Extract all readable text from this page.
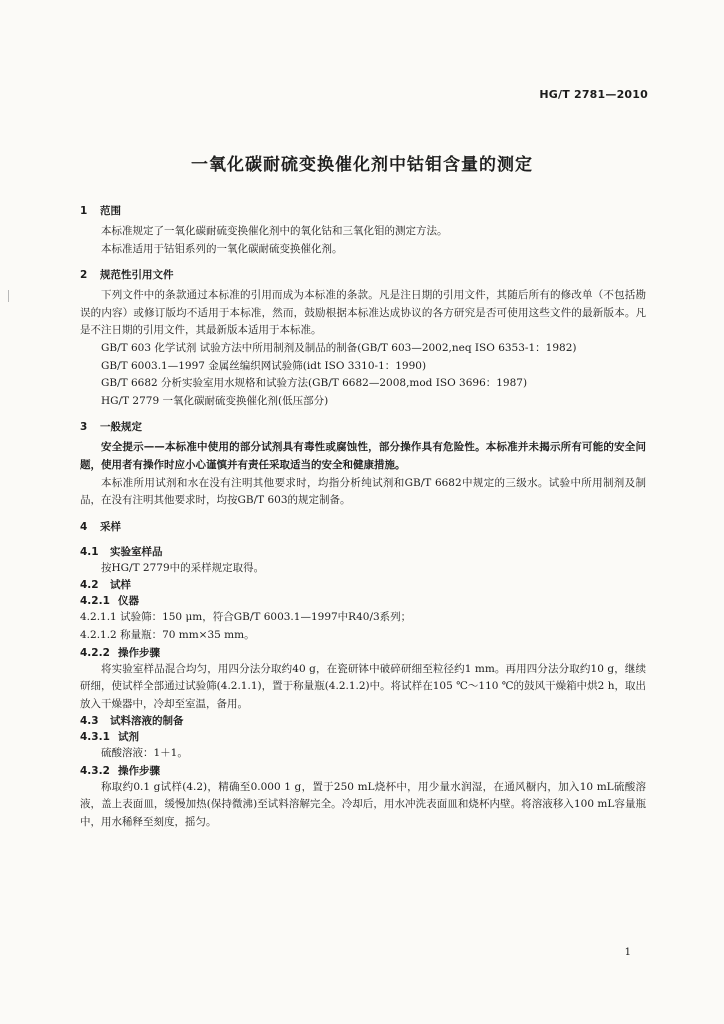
HG/T 2781—2010
一氧化碳耐硫变换催化剂中钴钼含量的测定
1 范围

本标准规定了一氧化碳耐硫变换催化剂中的氧化钴和三氧化钼的测定方法。

本标准适用于钴钼系列的一氧化碳耐硫变换催化剂。

2 规范性引用文件

下列文件中的条款通过本标准的引用而成为本标准的条款。凡是注日期的引用文件，其随后所有的修改单（不包括勘误的内容）或修订版均不适用于本标准，然而，鼓励根据本标准达成协议的各方研究是否可使用这些文件的最新版本。凡是不注日期的引用文件，其最新版本适用于本标准。

GB/T 603 化学试剂 试验方法中所用制剂及制品的制备(GB/T 603—2002,neq ISO 6353-1：1982)

GB/T 6003.1—1997 金属丝编织网试验筛(idt ISO 3310-1：1990)

GB/T 6682 分析实验室用水规格和试验方法(GB/T 6682—2008,mod ISO 3696：1987)

HG/T 2779 一氧化碳耐硫变换催化剂(低压部分)

3 一般规定

安全提示——本标准中使用的部分试剂具有毒性或腐蚀性，部分操作具有危险性。本标准并未揭示所有可能的安全问题，使用者有操作时应小心谨慎并有责任采取适当的安全和健康措施。

本标准所用试剂和水在没有注明其他要求时，均指分析纯试剂和GB/T 6682中规定的三级水。试验中所用制剂及制品，在没有注明其他要求时，均按GB/T 603的规定制备。

4 采样
4.1 实验室样品

按HG/T 2779中的采样规定取得。

4.2 试样
4.2.1 仪器

4.2.1.1 试验筛：150 μm，符合GB/T 6003.1—1997中R40/3系列；

4.2.1.2 称量瓶：70 mm×35 mm。

4.2.2 操作步骤

将实验室样品混合均匀，用四分法分取约40 g，在瓷研钵中破碎研细至粒径约1 mm。再用四分法分取约10 g，继续研细，使试样全部通过试验筛(4.2.1.1)，置于称量瓶(4.2.1.2)中。将试样在105 ℃～110 ℃的鼓风干燥箱中烘2 h，取出放入干燥器中，冷却至室温，备用。

4.3 试料溶液的制备
4.3.1 试剂

硫酸溶液：1＋1。

4.3.2 操作步骤

称取约0.1 g试样(4.2)，精确至0.000 1 g，置于250 mL烧杯中，用少量水润湿，在通风橱内，加入10 mL硫酸溶液，盖上表面皿，缓慢加热(保持微沸)至试料溶解完全。冷却后，用水冲洗表面皿和烧杯内壁。将溶液移入100 mL容量瓶中，用水稀释至刻度，摇匀。

1
